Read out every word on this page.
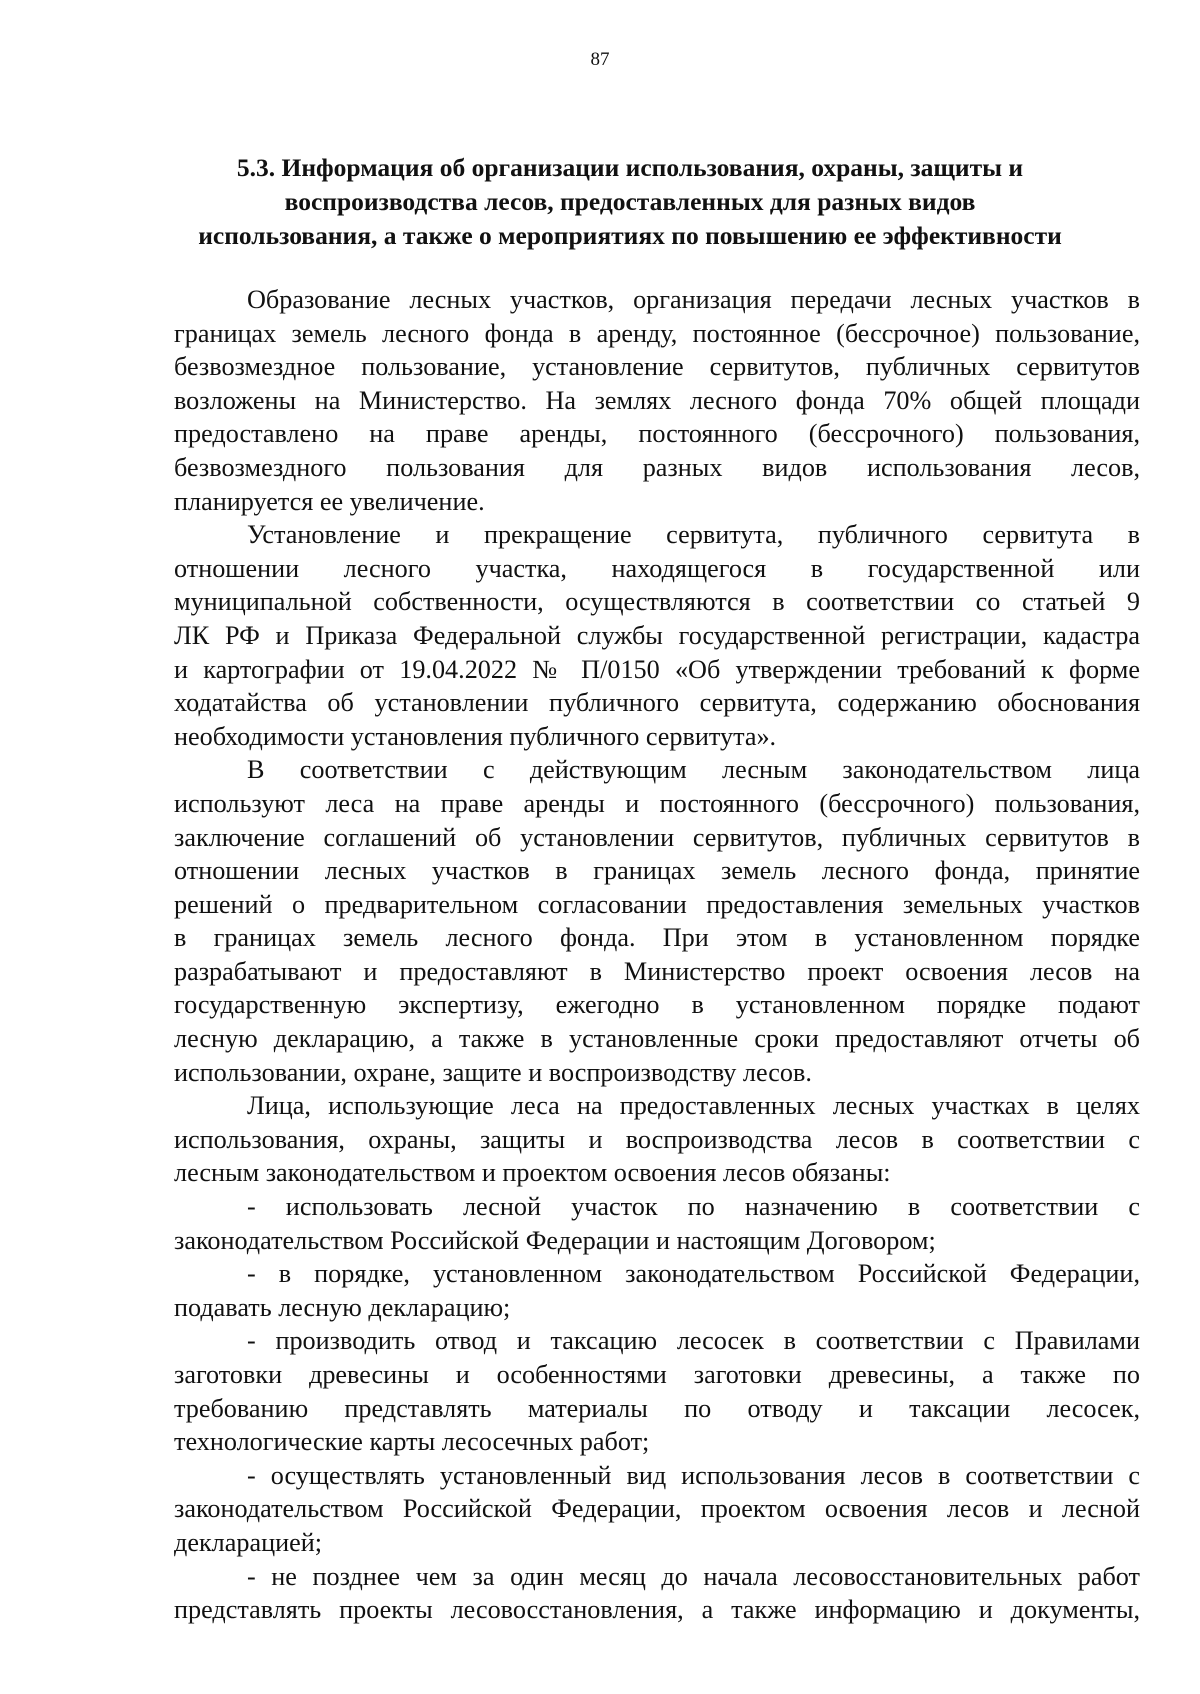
87
5.3. Информация об организации использования, охраны, защиты и
воспроизводства лесов, предоставленных для разных видов
использования, а также о мероприятиях по повышению ее эффективности

Образование лесных участков, организация передачи лесных участков в
границах земель лесного фонда в аренду, постоянное (бессрочное) пользование,
безвозмездное пользование, установление сервитутов, публичных сервитутов
возложены на Министерство. На землях лесного фонда 70% общей площади
предоставлено на праве аренды, постоянного (бессрочного) пользования,
безвозмездного пользования для разных видов использования лесов,
планируется ее увеличение.

Установление и прекращение сервитута, публичного сервитута в
отношении лесного участка, находящегося в государственной или
муниципальной собственности, осуществляются в соответствии со статьей 9
ЛК РФ и Приказа Федеральной службы государственной регистрации, кадастра
и картографии от 19.04.2022 № П/0150 «Об утверждении требований к форме
ходатайства об установлении публичного сервитута, содержанию обоснования
необходимости установления публичного сервитута».

В соответствии с действующим лесным законодательством лица
используют леса на праве аренды и постоянного (бессрочного) пользования,
заключение соглашений об установлении сервитутов, публичных сервитутов в
отношении лесных участков в границах земель лесного фонда, принятие
решений о предварительном согласовании предоставления земельных участков
в границах земель лесного фонда. При этом в установленном порядке
разрабатывают и предоставляют в Министерство проект освоения лесов на
государственную экспертизу, ежегодно в установленном порядке подают
лесную декларацию, а также в установленные сроки предоставляют отчеты об
использовании, охране, защите и воспроизводству лесов.

Лица, использующие леса на предоставленных лесных участках в целях
использования, охраны, защиты и воспроизводства лесов в соответствии с
лесным законодательством и проектом освоения лесов обязаны:

- использовать лесной участок по назначению в соответствии с
законодательством Российской Федерации и настоящим Договором;

- в порядке, установленном законодательством Российской Федерации,
подавать лесную декларацию;

- производить отвод и таксацию лесосек в соответствии с Правилами
заготовки древесины и особенностями заготовки древесины, а также по
требованию представлять материалы по отводу и таксации лесосек,
технологические карты лесосечных работ;

- осуществлять установленный вид использования лесов в соответствии с
законодательством Российской Федерации, проектом освоения лесов и лесной
декларацией;

- не позднее чем за один месяц до начала лесовосстановительных работ
представлять проекты лесовосстановления, а также информацию и документы,
